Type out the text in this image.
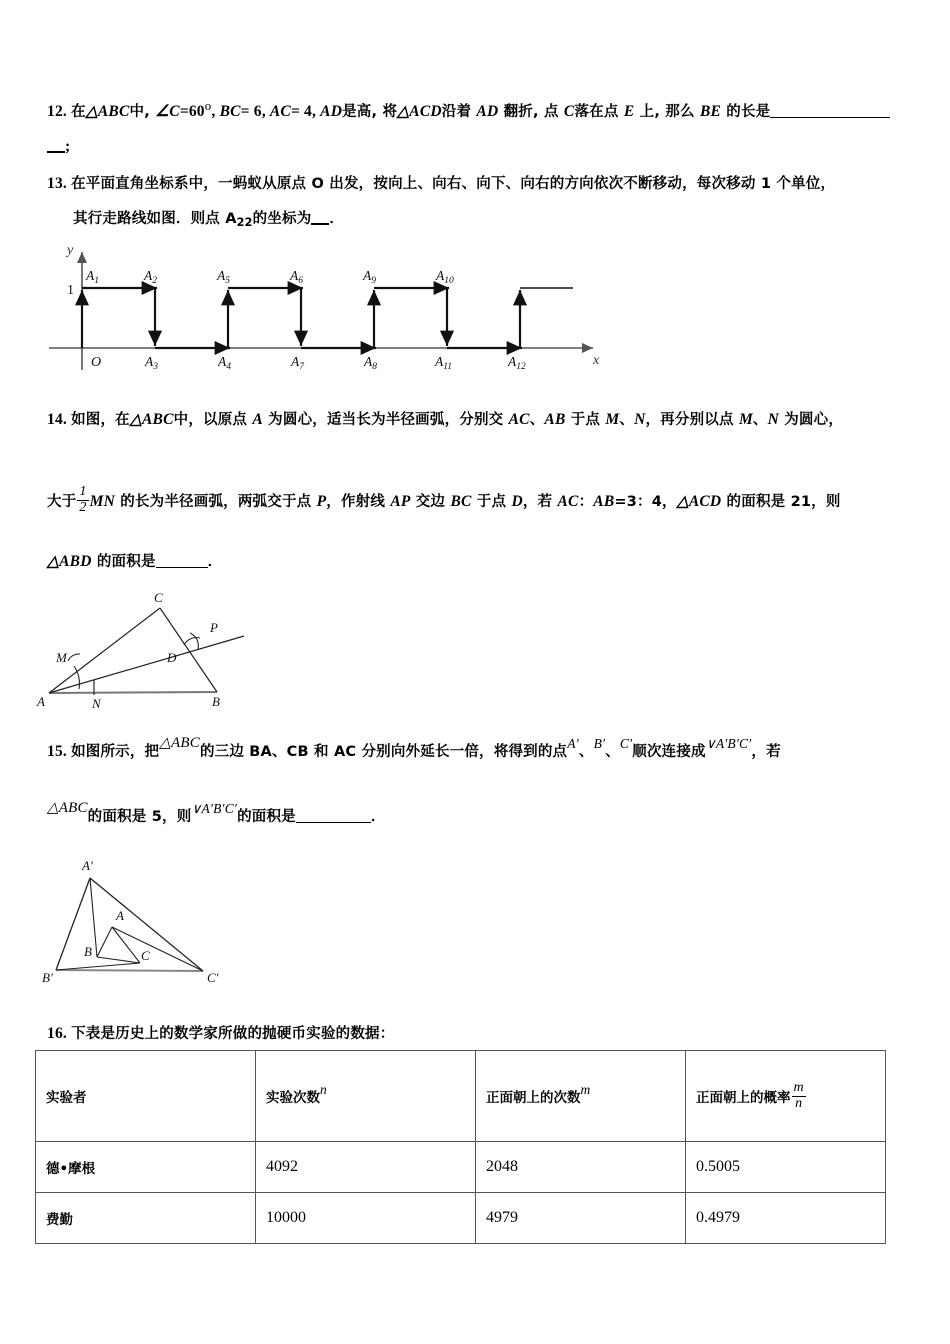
12. 在△ABC中, $\angle C=60^o$, BC= 6, AC= 4, AD是高, 将△ACD沿着 AD 翻折, 点 C落在点 E 上, 那么 BE 的长是
;
13. 在平面直角坐标系中，一蚂蚁从原点 O 出发，按向上、向右、向下、向右的方向依次不断移动，每次移动 1 个单位，
其行走路线如图．则点 $A_{22}$的坐标为 ．
y
x
1
O
$A_1$	$A_2$	$A_5$	$A_6$	$A_9$	$A_{10}$
$A_3$	$A_4$	$A_7$	$A_8$	$A_{11}$	$A_{12}$
14. 如图，在△ABC中，以原点 A 为圆心，适当长为半径画弧，分别交 AC、AB 于点 M、N，再分别以点 M、N 为圆心，
大于 $\frac{1}{2}$ MN 的长为半径画弧，两弧交于点 P，作射线 AP 交边 BC 于点 D，若 AC：AB=3：4，△ACD 的面积是 21，则
△ABD 的面积是	．
A	B
C
D
M
N
P
15. 如图所示，把△ABC的三边 BA、CB 和 AC 分别向外延长一倍，将得到的点A′、B′、C′顺次连接成∨A′B′C′，若
△ABC的面积是 5，则∨A′B′C′的面积是	．
A'
B'	C'
A
B	C
16. 下表是历史上的数学家所做的抛硬币实验的数据：
实验者	实验次数n	正面朝上的次数m	正面朝上的概率 $\frac{m}{n}$

德•摩根	4092	2048	0.5005
费勤	10000	4979	0.4979
